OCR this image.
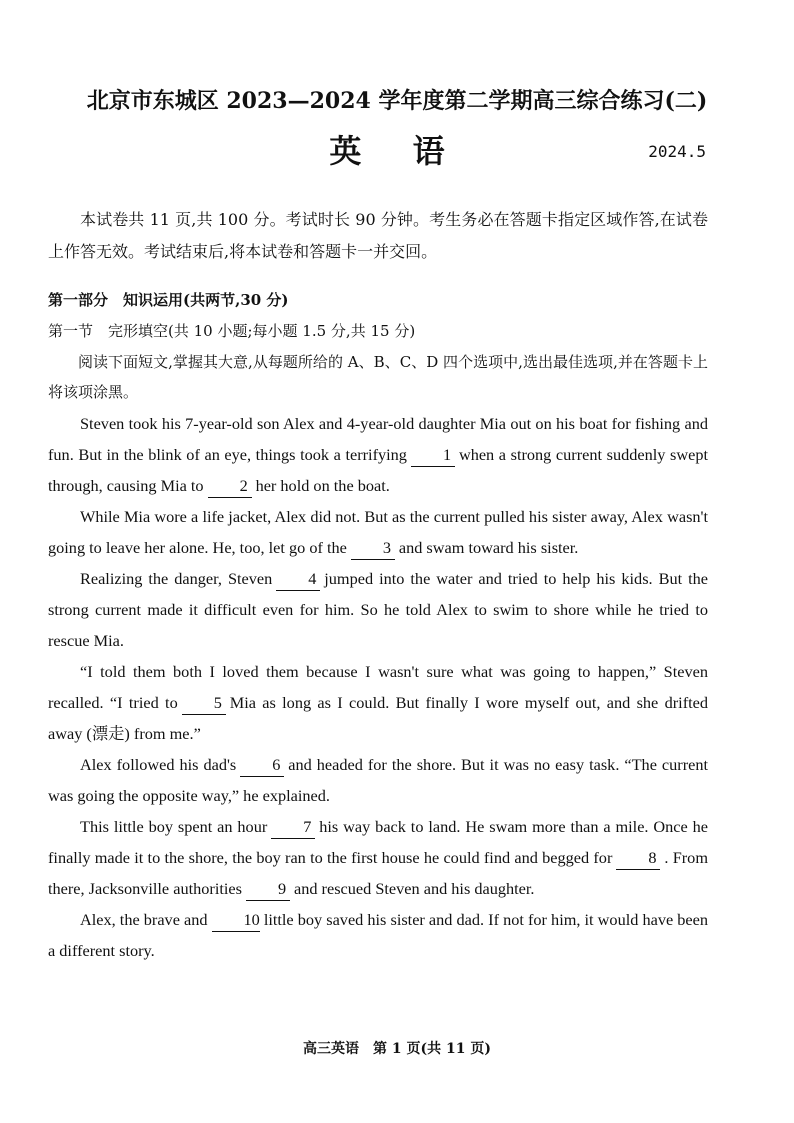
北京市东城区 2023—2024 学年度第二学期高三综合练习(二)
英 语	2024.5
本试卷共 11 页,共 100 分。考试时长 90 分钟。考生务必在答题卡指定区域作答,在试卷上作答无效。考试结束后,将本试卷和答题卡一并交回。
第一部分　知识运用(共两节,30 分)
第一节　完形填空(共 10 小题;每小题 1.5 分,共 15 分)
阅读下面短文,掌握其大意,从每题所给的 A、B、C、D 四个选项中,选出最佳选项,并在答题卡上将该项涂黑。

Steven took his 7-year-old son Alex and 4-year-old daughter Mia out on his boat for fishing and fun. But in the blink of an eye, things took a terrifying 1 when a strong current suddenly swept through, causing Mia to 2 her hold on the boat.

While Mia wore a life jacket, Alex did not. But as the current pulled his sister away, Alex wasn't going to leave her alone. He, too, let go of the 3 and swam toward his sister.

Realizing the danger, Steven 4 jumped into the water and tried to help his kids. But the strong current made it difficult even for him. So he told Alex to swim to shore while he tried to rescue Mia.

“I told them both I loved them because I wasn't sure what was going to happen,” Steven recalled. “I tried to 5 Mia as long as I could. But finally I wore myself out, and she drifted away (漂走) from me.”

Alex followed his dad's 6 and headed for the shore. But it was no easy task. “The current was going the opposite way,” he explained.

This little boy spent an hour 7 his way back to land. He swam more than a mile. Once he finally made it to the shore, the boy ran to the first house he could find and begged for 8 . From there, Jacksonville authorities 9 and rescued Steven and his daughter.

Alex, the brave and 10 little boy saved his sister and dad. If not for him, it would have been a different story.

高三英语　第 1 页(共 11 页)
